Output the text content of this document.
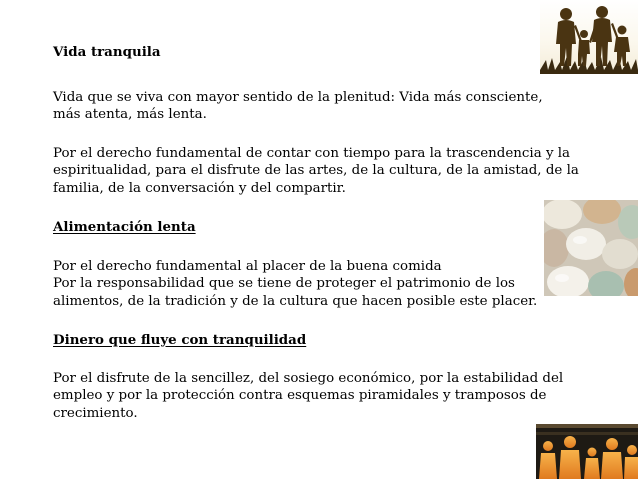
Vida tranquila
Vida que se viva con mayor sentido de la plenitud: Vida más consciente,
más atenta, más lenta.
Por el derecho fundamental de contar con tiempo para la trascendencia y la
espiritualidad, para el disfrute de las artes, de la cultura, de la amistad, de la
familia, de la conversación y del compartir.
Alimentación lenta
Por el derecho fundamental al placer de la buena comida
Por la responsabilidad que se tiene de proteger el patrimonio de los
alimentos, de la tradición y de la cultura que hacen posible este placer.
Dinero que fluye con tranquilidad
Por el disfrute de la sencillez, del sosiego económico, por la estabilidad del
empleo y por la protección contra esquemas piramidales y tramposos de
crecimiento.
